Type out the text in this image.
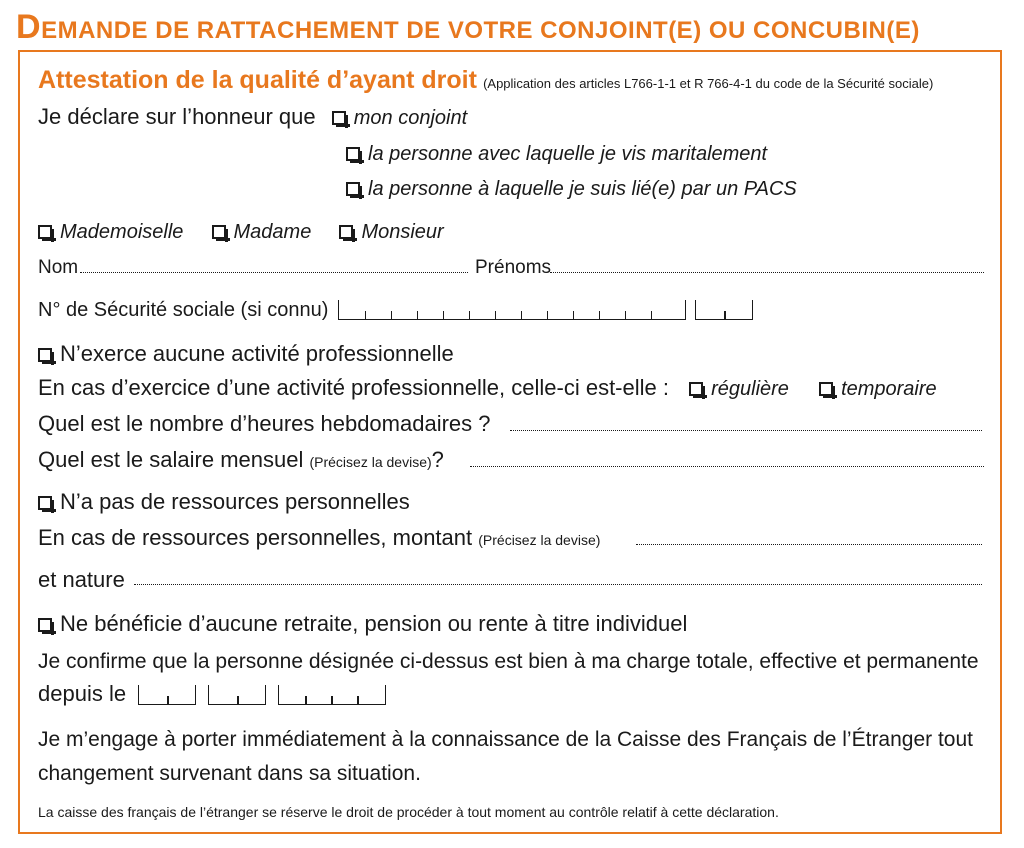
DEMANDE DE RATTACHEMENT DE VOTRE CONJOINT(E) OU CONCUBIN(E)
Attestation de la qualité d’ayant droit (Application des articles L766-1-1 et R 766-4-1 du code de la Sécurité sociale)
Je déclare sur l’honneur que mon conjoint
la personne avec laquelle je vis maritalement
la personne à laquelle je suis lié(e) par un PACS
Mademoiselle	Madame	Monsieur
Nom	Prénoms
N° de Sécurité sociale (si connu)

N’exerce aucune activité professionnelle
En cas d’exercice d’une activité professionnelle, celle-ci est-elle : régulière	temporaire
Quel est le nombre d’heures hebdomadaires ?
Quel est le salaire mensuel (Précisez la devise)?
N’a pas de ressources personnelles
En cas de ressources personnelles, montant (Précisez la devise)
et nature
Ne bénéficie d’aucune retraite, pension ou rente à titre individuel
Je confirme que la personne désignée ci-dessus est bien à ma charge totale, effective et permanente
depuis le

Je m’engage à porter immédiatement à la connaissance de la Caisse des Français de l’Étranger tout
changement survenant dans sa situation.
La caisse des français de l’étranger se réserve le droit de procéder à tout moment au contrôle relatif à cette déclaration.
